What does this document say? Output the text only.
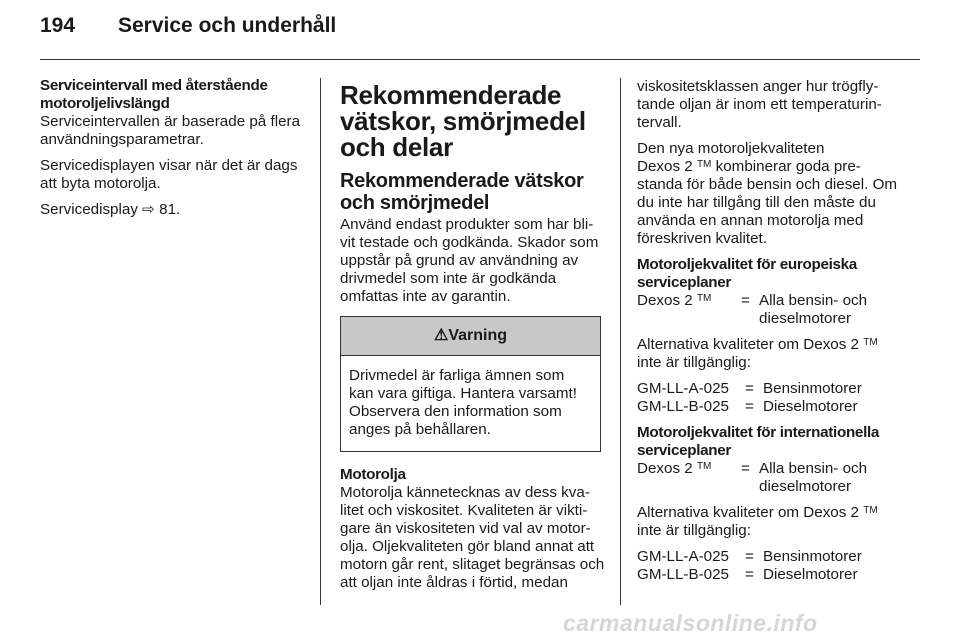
194 Service och underhåll
Serviceintervall med återstående motoroljelivslängd

Serviceintervallen är baserade på flera användningsparametrar.

Servicedisplayen visar när det är dags att byta motorolja.

Servicedisplay ⇨ 81.

Rekommenderade vätskor, smörjmedel och delar
Rekommenderade vätskor och smörjmedel

Använd endast produkter som har bli- vit testade och godkända. Skador som uppstår på grund av användning av drivmedel som inte är godkända omfattas inte av garantin.

⚠Varning
Drivmedel är farliga ämnen som kan vara giftiga. Hantera varsamt! Observera den information som anges på behållaren.
Motorolja

Motorolja kännetecknas av dess kva- litet och viskositet. Kvaliteten är vikti- gare än viskositeten vid val av motor- olja. Oljekvaliteten gör bland annat att motorn går rent, slitaget begränsas och att oljan inte åldras i förtid, medan

viskositetsklassen anger hur trögfly- tande oljan är inom ett temperaturin- tervall.

Den nya motoroljekvaliteten
Dexos 2 ™ kombinerar goda pre- standa för både bensin och diesel. Om du inte har tillgång till den måste du använda en annan motorolja med föreskriven kvalitet.

Motoroljekvalitet för europeiska serviceplaner
Dexos 2 ™	= Alla bensin- och dieselmotorer

Alternativa kvaliteter om Dexos 2 ™
inte är tillgänglig:

GM-LL-A-025	= Bensinmotorer
GM-LL-B-025	= Dieselmotorer
Motoroljekvalitet för internationella serviceplaner
Dexos 2 ™	= Alla bensin- och dieselmotorer

Alternativa kvaliteter om Dexos 2 ™
inte är tillgänglig:

GM-LL-A-025	= Bensinmotorer
GM-LL-B-025	= Dieselmotorer
carmanualsonline.info
